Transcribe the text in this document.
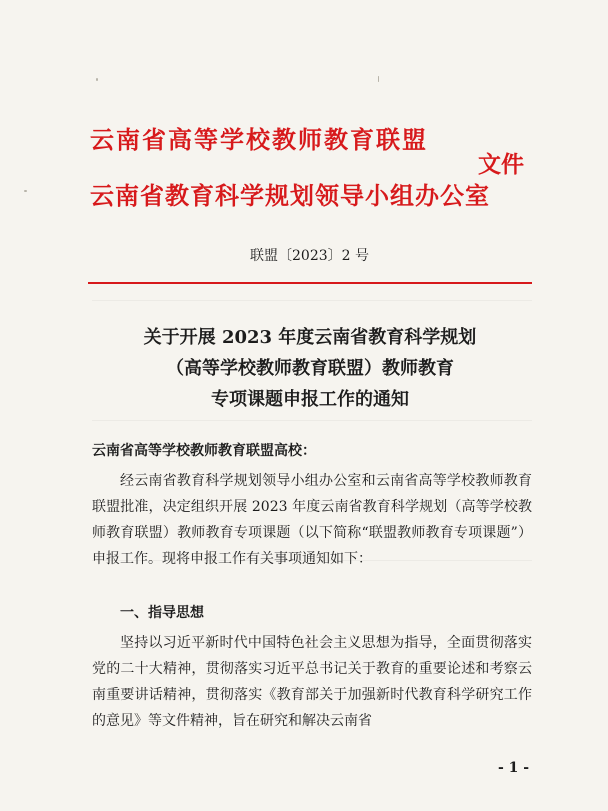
云南省高等学校教师教育联盟
文件
云南省教育科学规划领导小组办公室
联盟〔2023〕2 号
关于开展 2023 年度云南省教育科学规划
（高等学校教师教育联盟）教师教育
专项课题申报工作的通知
云南省高等学校教师教育联盟高校：
经云南省教育科学规划领导小组办公室和云南省高等学校教师教育联盟批准，决定组织开展 2023 年度云南省教育科学规划（高等学校教师教育联盟）教师教育专项课题（以下简称“联盟教师教育专项课题”）申报工作。现将申报工作有关事项通知如下：
一、指导思想
坚持以习近平新时代中国特色社会主义思想为指导，全面贯彻落实党的二十大精神，贯彻落实习近平总书记关于教育的重要论述和考察云南重要讲话精神，贯彻落实《教育部关于加强新时代教育科学研究工作的意见》等文件精神，旨在研究和解决云南省
- 1 -
